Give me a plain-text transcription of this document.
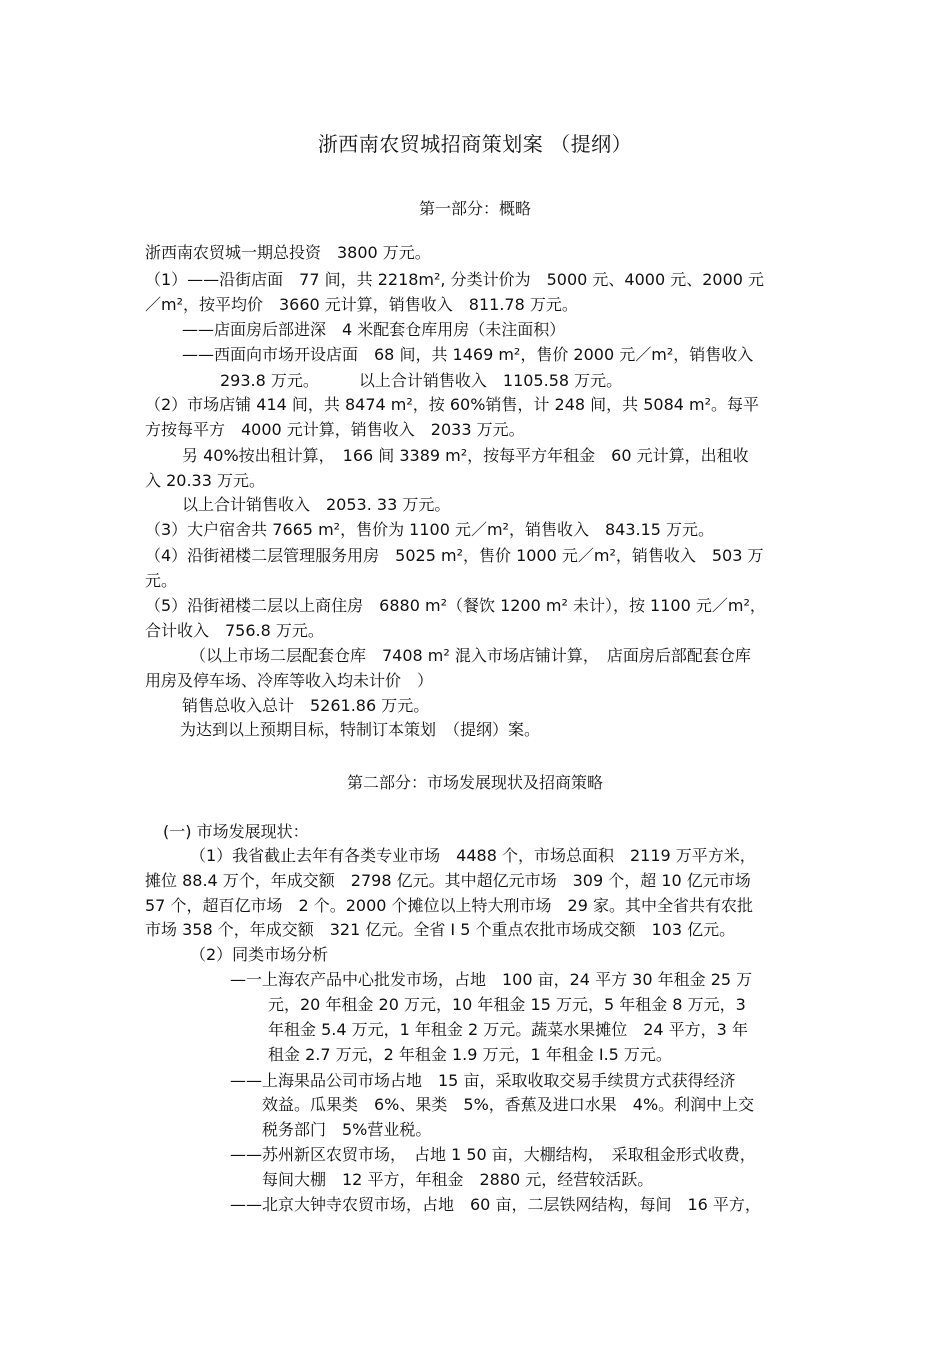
浙西南农贸城招商策划案 （提纲）
第一部分：概略
浙西南农贸城一期总投资　3800 万元。
（1）——沿街店面　77 间，共 2218m², 分类计价为　5000 元、4000 元、2000 元
／m²，按平均价　3660 元计算，销售收入　811.78 万元。
——店面房后部进深　4 米配套仓库用房（未注面积）
——西面向市场开设店面　68 间，共 1469 m²，售价 2000 元／m²，销售收入
293.8 万元。　　　以上合计销售收入　1105.58 万元。
（2）市场店铺 414 间，共 8474 m²，按 60%销售，计 248 间，共 5084 m²。每平
方按每平方　4000 元计算，销售收入　2033 万元。
另 40%按出租计算，　166 间 3389 m²，按每平方年租金　60 元计算，出租收
入 20.33 万元。
以上合计销售收入　2053. 33 万元。
（3）大户宿舍共 7665 m²，售价为 1100 元／m²，销售收入　843.15 万元。
（4）沿街裙楼二层管理服务用房　5025 m²，售价 1000 元／m²，销售收入　503 万
元。
（5）沿街裙楼二层以上商住房　6880 m²（餐饮 1200 m² 未计），按 1100 元／m²，
合计收入　756.8 万元。
（以上市场二层配套仓库　7408 m² 混入市场店铺计算，　店面房后部配套仓库
用房及停车场、冷库等收入均未计价　）
销售总收入总计　5261.86 万元。
为达到以上预期目标，特制订本策划　（提纲）案。
第二部分：市场发展现状及招商策略
(一) 市场发展现状：
（1）我省截止去年有各类专业市场　4488 个，市场总面积　2119 万平方米，
摊位 88.4 万个，年成交额　2798 亿元。其中超亿元市场　309 个，超 10 亿元市场
57 个，超百亿市场　2 个。2000 个摊位以上特大刑市场　29 家。其中全省共有农批
市场 358 个，年成交额　321 亿元。全省 I 5 个重点农批市场成交额　103 亿元。
（2）同类市场分析
—一上海农产品中心批发市场，占地　100 亩，24 平方 30 年租金 25 万
元，20 年租金 20 万元，10 年租金 15 万元，5 年租金 8 万元，3
年租金 5.4 万元，1 年租金 2 万元。蔬菜水果摊位　24 平方，3 年
租金 2.7 万元，2 年租金 1.9 万元，1 年租金 I.5 万元。
——上海果品公司市场占地　15 亩，采取收取交易手续贯方式获得经济
效益。瓜果类　6%、果类　5%，香蕉及进口水果　4%。利润中上交
税务部门　5%营业税。
——苏州新区农贸市场，　占地 1 50 亩，大棚结构，　采取租金形式收费，
每间大棚　12 平方，年租金　2880 元，经营较活跃。
——北京大钟寺农贸市场，占地　60 亩，二层铁网结构，每间　16 平方，
